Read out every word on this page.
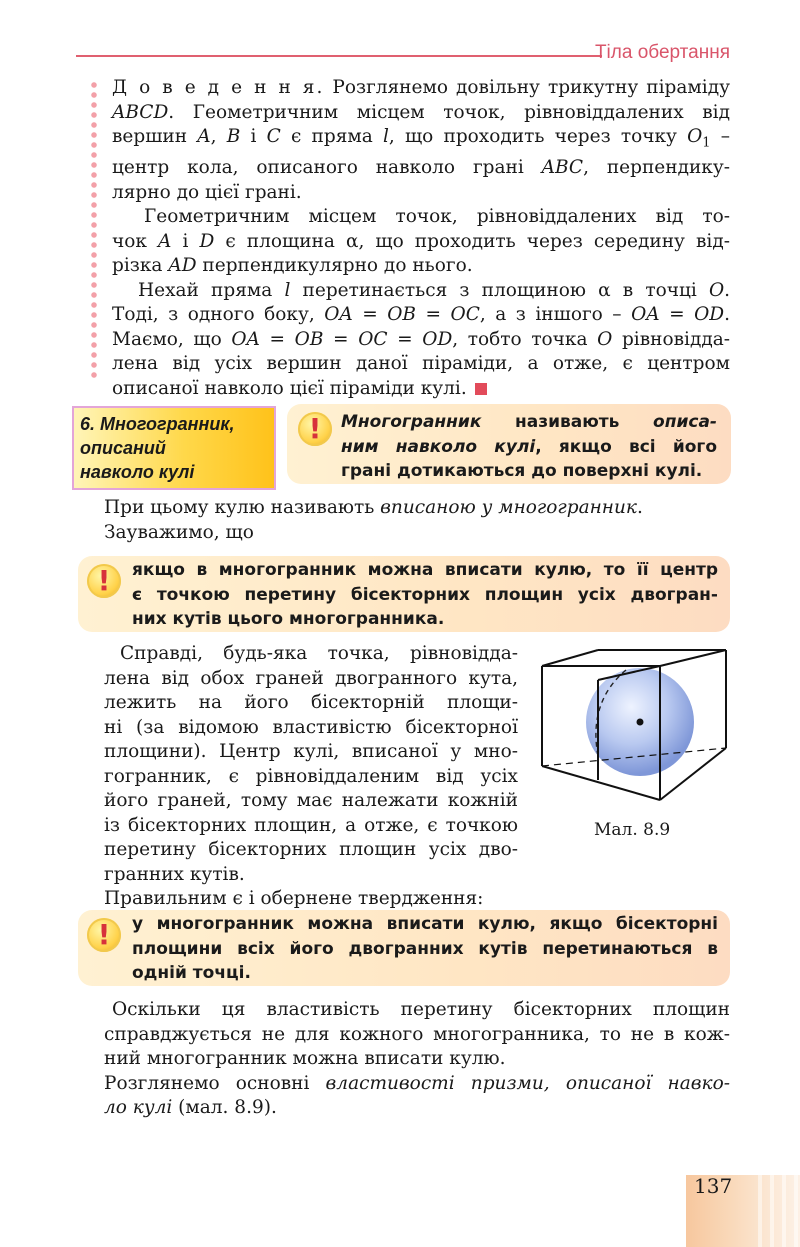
Тіла обертання
Д о в е д е н н я. Розглянемо довільну трикутну піраміду
ABCD. Геометричним місцем точок, рівновіддалених від
вершин A, B і C є пряма l, що проходить через точку $O_1$ –
центр кола, описаного навколо грані ABC, перпендику-
лярно до цієї грані.
Геометричним місцем точок, рівновіддалених від то-
чок A і D є площина α, що проходить через середину від-
різка AD перпендикулярно до нього.
Нехай пряма l перетинається з площиною α в точці O.
Тоді, з одного боку, OA = OB = OC, а з іншого – OA = OD.
Маємо, що OA = OB = OC = OD, тобто точка O рівновідда-
лена від усіх вершин даної піраміди, а отже, є центром
описаної навколо цієї піраміди кулі.
6. Многогранник,
описаний
навколо кулі
!
Многогранник називають описа-
ним навколо кулі, якщо всі його
грані дотикаються до поверхні кулі.
При цьому кулю називають вписаною у многогранник.
Зауважимо, що
!
якщо в многогранник можна вписати кулю, то її центр
є точкою перетину бісекторних площин усіх двогран-
них кутів цього многогранника.
Справді, будь-яка точка, рівновідда-
лена від обох граней двогранного кута,
лежить на його бісекторній площи-
ні (за відомою властивістю бісекторної
площини). Центр кулі, вписаної у мно-
гогранник, є рівновіддаленим від усіх
його граней, тому має належати кожній
із бісекторних площин, а отже, є точкою
перетину бісекторних площин усіх дво-
гранних кутів.
Правильним є і обернене твердження:
Мал. 8.9
!
у многогранник можна вписати кулю, якщо бісекторні
площини всіх його двогранних кутів перетинаються в
одній точці.
Оскільки ця властивість перетину бісекторних площин
справджується не для кожного многогранника, то не в кож-
ний многогранник можна вписати кулю.
Розглянемо основні властивості призми, описаної навко-
ло кулі (мал. 8.9).
137
